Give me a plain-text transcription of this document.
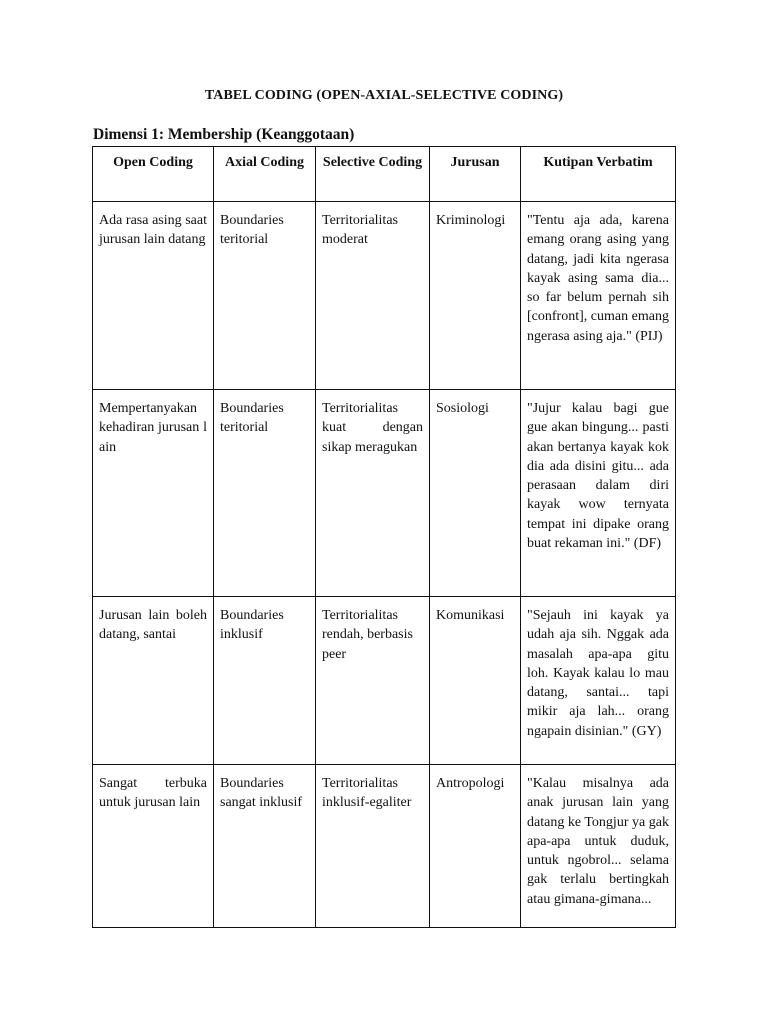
TABEL CODING (OPEN-AXIAL-SELECTIVE CODING)
Dimensi 1: Membership (Keanggotaan)
Open Coding	Axial Coding	Selective Coding	Jurusan	Kutipan Verbatim

Ada rasa asing saat jurusan lain datang	Boundaries teritorial	Territorialitas moderat	Kriminologi	"Tentu aja ada, karena emang orang asing yang datang, jadi kita ngerasa kayak asing sama dia... so far belum pernah sih [confront], cuman emang ngerasa asing aja." (PIJ)

Mempertanyakan kehadiran jurusan lain	Boundaries teritorial	Territorialitas kuat dengan sikap meragukan	Sosiologi	"Jujur kalau bagi gue gue akan bingung... pasti akan bertanya kayak kok dia ada disini gitu... ada perasaan dalam diri kayak wow ternyata tempat ini dipake orang buat rekaman ini." (DF)

Jurusan lain boleh datang, santai	Boundaries inklusif	Territorialitas rendah, berbasis peer	Komunikasi	"Sejauh ini kayak ya udah aja sih. Nggak ada masalah apa-apa gitu loh. Kayak kalau lo mau datang, santai... tapi mikir aja lah... orang ngapain disinian." (GY)

Sangat terbuka untuk jurusan lain	Boundaries sangat inklusif	Territorialitas inklusif-egaliter	Antropologi	"Kalau misalnya ada anak jurusan lain yang datang ke Tongjur ya gak apa-apa untuk duduk, untuk ngobrol... selama gak terlalu bertingkah atau gimana-gimana...
